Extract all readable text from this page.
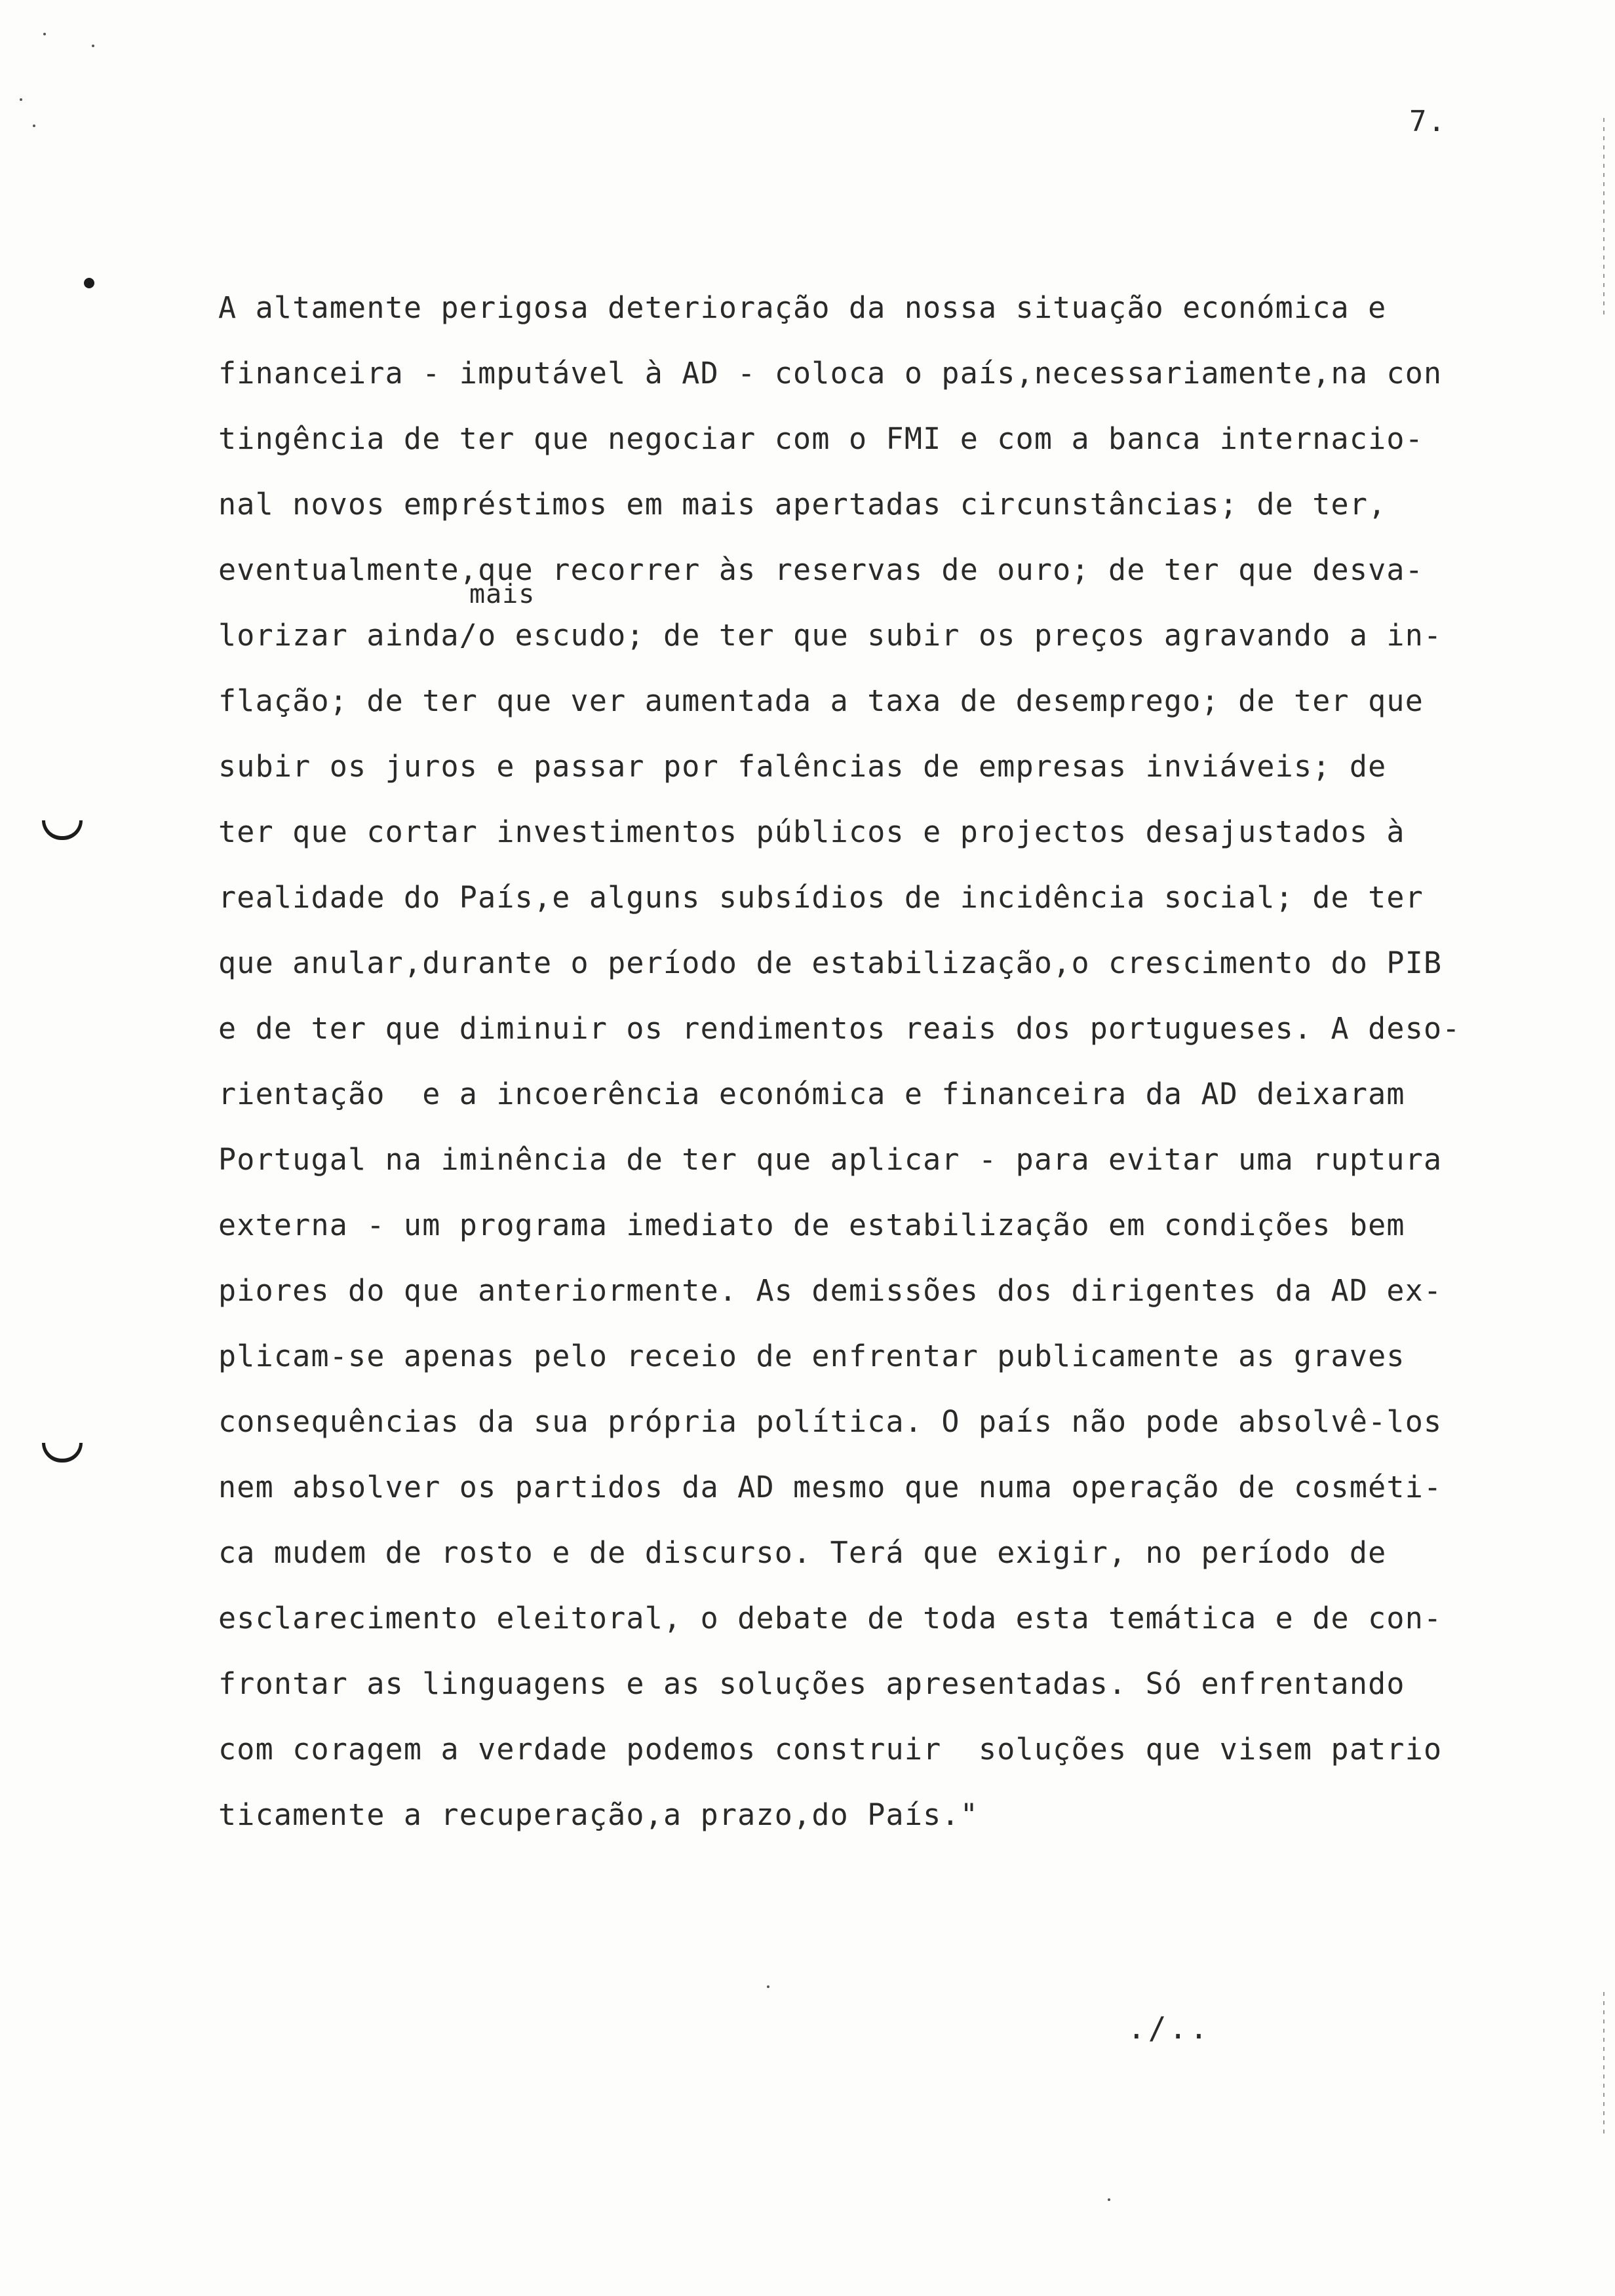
7.
mais
A altamente perigosa deterioração da nossa situação económica e
financeira - imputável à AD - coloca o país,necessariamente,na con
tingência de ter que negociar com o FMI e com a banca internacio-
nal novos empréstimos em mais apertadas circunstâncias; de ter,
eventualmente,que recorrer às reservas de ouro; de ter que desva-
lorizar ainda/o escudo; de ter que subir os preços agravando a in-
flação; de ter que ver aumentada a taxa de desemprego; de ter que
subir os juros e passar por falências de empresas inviáveis; de
ter que cortar investimentos públicos e projectos desajustados à
realidade do País,e alguns subsídios de incidência social; de ter
que anular,durante o período de estabilização,o crescimento do PIB
e de ter que diminuir os rendimentos reais dos portugueses. A deso-
rientação  e a incoerência económica e financeira da AD deixaram
Portugal na iminência de ter que aplicar - para evitar uma ruptura
externa - um programa imediato de estabilização em condições bem
piores do que anteriormente. As demissões dos dirigentes da AD ex-
plicam-se apenas pelo receio de enfrentar publicamente as graves
consequências da sua própria política. O país não pode absolvê-los
nem absolver os partidos da AD mesmo que numa operação de cosméti-
ca mudem de rosto e de discurso. Terá que exigir, no período de
esclarecimento eleitoral, o debate de toda esta temática e de con-
frontar as linguagens e as soluções apresentadas. Só enfrentando
com coragem a verdade podemos construir  soluções que visem patrio
ticamente a recuperação,a prazo,do País."
./..
